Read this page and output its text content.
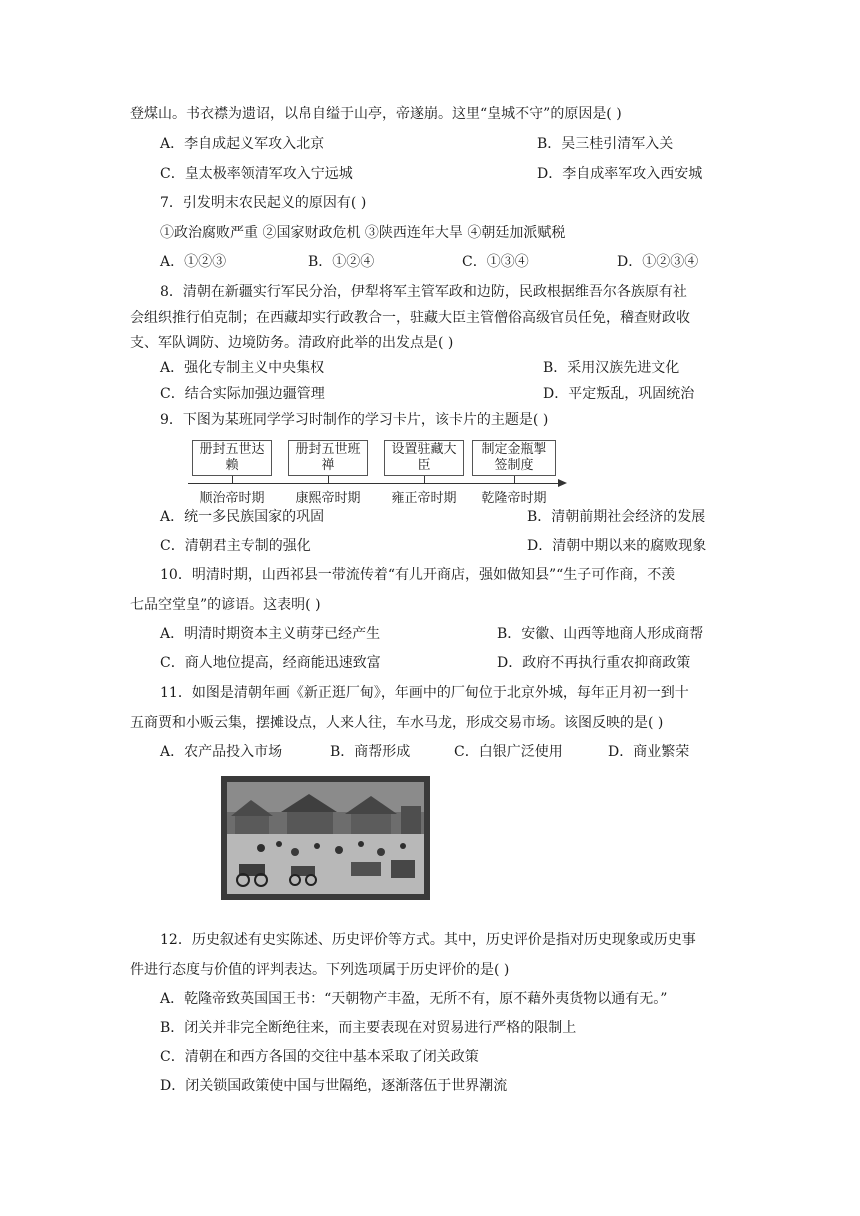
登煤山。书衣襟为遗诏，以帛自缢于山亭，帝遂崩。这里“皇城不守”的原因是( )
A．李自成起义军攻入北京	B．吴三桂引清军入关
C．皇太极率领清军攻入宁远城	D．李自成率军攻入西安城
7．引发明末农民起义的原因有( )
①政治腐败严重 ②国家财政危机 ③陕西连年大旱 ④朝廷加派赋税
A．①②③	B．①②④	C．①③④	D．①②③④
8．清朝在新疆实行军民分治，伊犁将军主管军政和边防，民政根据维吾尔各族原有社
会组织推行伯克制；在西藏却实行政教合一，驻藏大臣主管僧俗高级官员任免，稽查财政收
支、军队调防、边境防务。清政府此举的出发点是( )
A．强化专制主义中央集权	B．采用汉族先进文化
C．结合实际加强边疆管理	D．平定叛乱，巩固统治
9．下图为某班同学学习时制作的学习卡片，该卡片的主题是( )
册封五世达赖
册封五世班禅
设置驻藏大臣
制定金瓶掣签制度
顺治帝时期	康熙帝时期	雍正帝时期	乾隆帝时期
A．统一多民族国家的巩固	B．清朝前期社会经济的发展
C．清朝君主专制的强化	D．清朝中期以来的腐败现象
10．明清时期，山西祁县一带流传着“有儿开商店，强如做知县”“生子可作商，不羡
七品空堂皇”的谚语。这表明( )
A．明清时期资本主义萌芽已经产生	B．安徽、山西等地商人形成商帮
C．商人地位提高，经商能迅速致富	D．政府不再执行重农抑商政策
11．如图是清朝年画《新正逛厂甸》，年画中的厂甸位于北京外城，每年正月初一到十
五商贾和小贩云集，摆摊设点，人来人往，车水马龙，形成交易市场。该图反映的是( )
A．农产品投入市场	B．商帮形成	C．白银广泛使用	D．商业繁荣
12．历史叙述有史实陈述、历史评价等方式。其中，历史评价是指对历史现象或历史事
件进行态度与价值的评判表达。下列选项属于历史评价的是( )
A．乾隆帝致英国国王书：“天朝物产丰盈，无所不有，原不藉外夷货物以通有无。”
B．闭关并非完全断绝往来，而主要表现在对贸易进行严格的限制上
C．清朝在和西方各国的交往中基本采取了闭关政策
D．闭关锁国政策使中国与世隔绝，逐渐落伍于世界潮流
